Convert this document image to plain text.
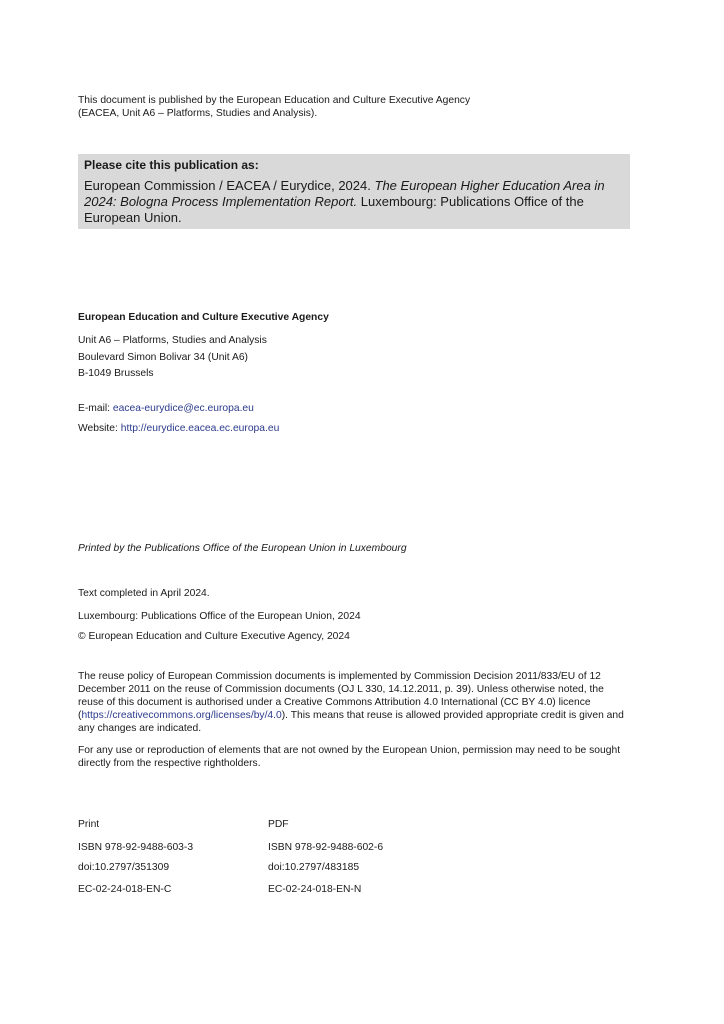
This document is published by the European Education and Culture Executive Agency
(EACEA, Unit A6 – Platforms, Studies and Analysis).
Please cite this publication as:

European Commission / EACEA / Eurydice, 2024. The European Higher Education Area in 2024: Bologna Process Implementation Report. Luxembourg: Publications Office of the European Union.

European Education and Culture Executive Agency
Unit A6 – Platforms, Studies and Analysis
Boulevard Simon Bolivar 34 (Unit A6)
B-1049 Brussels
E-mail: eacea-eurydice@ec.europa.eu
Website: http://eurydice.eacea.ec.europa.eu
Printed by the Publications Office of the European Union in Luxembourg
Text completed in April 2024.
Luxembourg: Publications Office of the European Union, 2024
© European Education and Culture Executive Agency, 2024
The reuse policy of European Commission documents is implemented by Commission Decision 2011/833/EU of 12 December 2011 on the reuse of Commission documents (OJ L 330, 14.12.2011, p. 39). Unless otherwise noted, the reuse of this document is authorised under a Creative Commons Attribution 4.0 International (CC BY 4.0) licence (https://creativecommons.org/licenses/by/4.0). This means that reuse is allowed provided appropriate credit is given and any changes are indicated.
For any use or reproduction of elements that are not owned by the European Union, permission may need to be sought directly from the respective rightholders.
Print
ISBN 978-92-9488-603-3
doi:10.2797/351309
EC-02-24-018-EN-C
PDF
ISBN 978-92-9488-602-6
doi:10.2797/483185
EC-02-24-018-EN-N
